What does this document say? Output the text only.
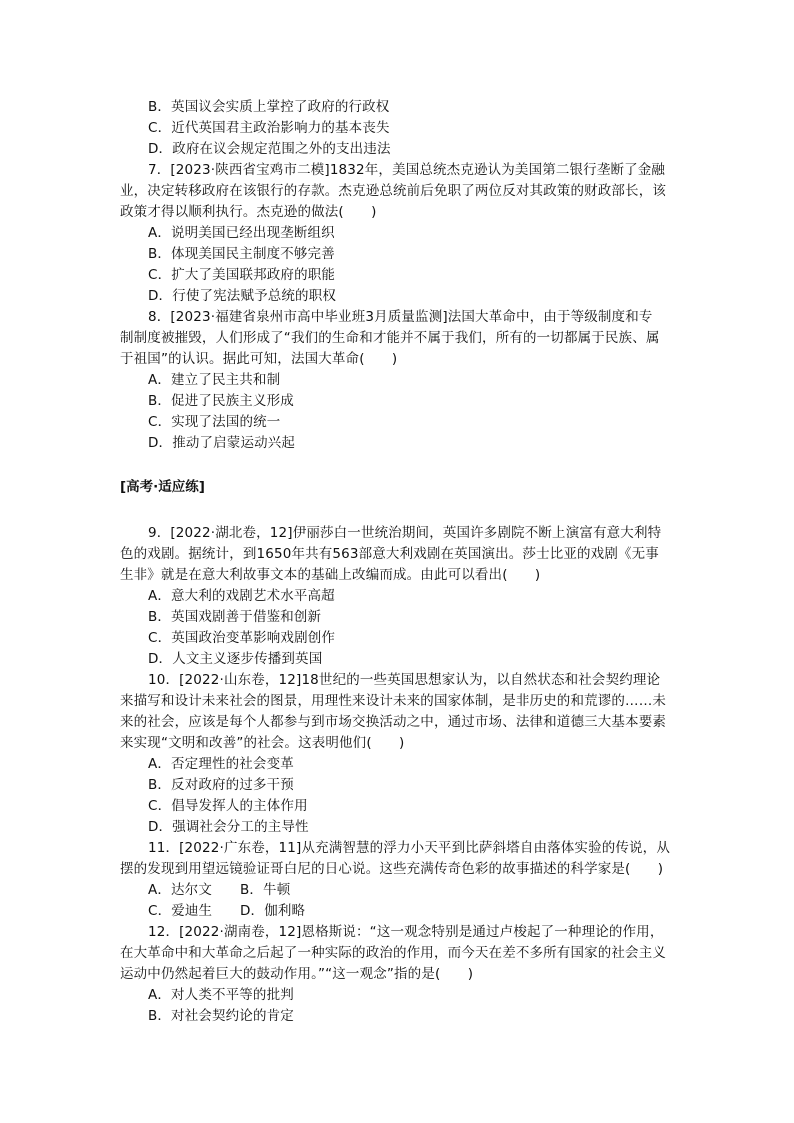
B．英国议会实质上掌控了政府的行政权
C．近代英国君主政治影响力的基本丧失
D．政府在议会规定范围之外的支出违法
7．[2023·陕西省宝鸡市二模]1832年，美国总统杰克逊认为美国第二银行垄断了金融
业，决定转移政府在该银行的存款。杰克逊总统前后免职了两位反对其政策的财政部长，该
政策才得以顺利执行。杰克逊的做法(　　)
A．说明美国已经出现垄断组织
B．体现美国民主制度不够完善
C．扩大了美国联邦政府的职能
D．行使了宪法赋予总统的职权
8．[2023·福建省泉州市高中毕业班3月质量监测]法国大革命中，由于等级制度和专
制制度被摧毁，人们形成了“我们的生命和才能并不属于我们，所有的一切都属于民族、属
于祖国”的认识。据此可知，法国大革命(　　)
A．建立了民主共和制
B．促进了民族主义形成
C．实现了法国的统一
D．推动了启蒙运动兴起
[高考·适应练]
9．[2022·湖北卷，12]伊丽莎白一世统治期间，英国许多剧院不断上演富有意大利特
色的戏剧。据统计，到1650年共有563部意大利戏剧在英国演出。莎士比亚的戏剧《无事
生非》就是在意大利故事文本的基础上改编而成。由此可以看出(　　)
A．意大利的戏剧艺术水平高超
B．英国戏剧善于借鉴和创新
C．英国政治变革影响戏剧创作
D．人文主义逐步传播到英国
10．[2022·山东卷，12]18世纪的一些英国思想家认为，以自然状态和社会契约理论
来描写和设计未来社会的图景，用理性来设计未来的国家体制，是非历史的和荒谬的……未
来的社会，应该是每个人都参与到市场交换活动之中，通过市场、法律和道德三大基本要素
来实现“文明和改善”的社会。这表明他们(　　)
A．否定理性的社会变革
B．反对政府的过多干预
C．倡导发挥人的主体作用
D．强调社会分工的主导性
11．[2022·广东卷，11]从充满智慧的浮力小天平到比萨斜塔自由落体实验的传说，从
摆的发现到用望远镜验证哥白尼的日心说。这些充满传奇色彩的故事描述的科学家是(　　)
A．达尔文 B．牛顿
C．爱迪生 D．伽利略
12．[2022·湖南卷，12]恩格斯说：“这一观念特别是通过卢梭起了一种理论的作用，
在大革命中和大革命之后起了一种实际的政治的作用，而今天在差不多所有国家的社会主义
运动中仍然起着巨大的鼓动作用。”“这一观念”指的是(　　)
A．对人类不平等的批判
B．对社会契约论的肯定
